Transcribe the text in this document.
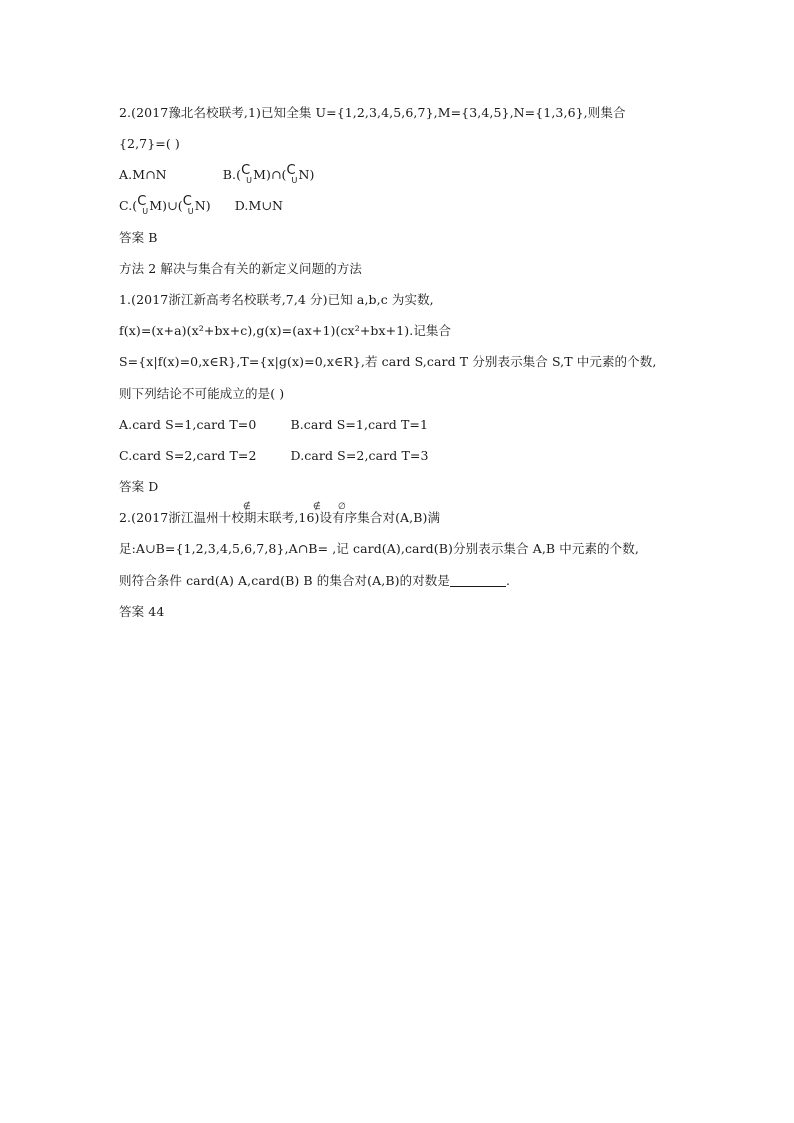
2.(2017豫北名校联考,1)已知全集 U={1,2,3,4,5,6,7},M={3,4,5},N={1,3,6},则集合
{2,7}=( )
A.M∩N	B.( C
U M)∩( C
U N)
C.( C
U M)∪( C
U N) D.M∪N
答案 B
方法 2 解决与集合有关的新定义问题的方法
1.(2017浙江新高考名校联考,7,4 分)已知 a,b,c 为实数,
f(x)=(x+a)(x²+bx+c),g(x)=(ax+1)(cx²+bx+1).记集合
S={x|f(x)=0,x∈R},T={x|g(x)=0,x∈R},若 card S,card T 分别表示集合 S,T 中元素的个数,
则下列结论不可能成立的是( )
A.card S=1,card T=0	B.card S=1,card T=1
C.card S=2,card T=2	D.card S=2,card T=3
答案 D
2.(2017浙江温州十校期末联考,16)设有序集合对(A,B)满
∉	∉ ∅
足:A∪B={1,2,3,4,5,6,7,8},A∩B= ,记 card(A),card(B)分别表示集合 A,B 中元素的个数,
则符合条件 card(A) A,card(B) B 的集合对(A,B)的对数是	.
答案 44
